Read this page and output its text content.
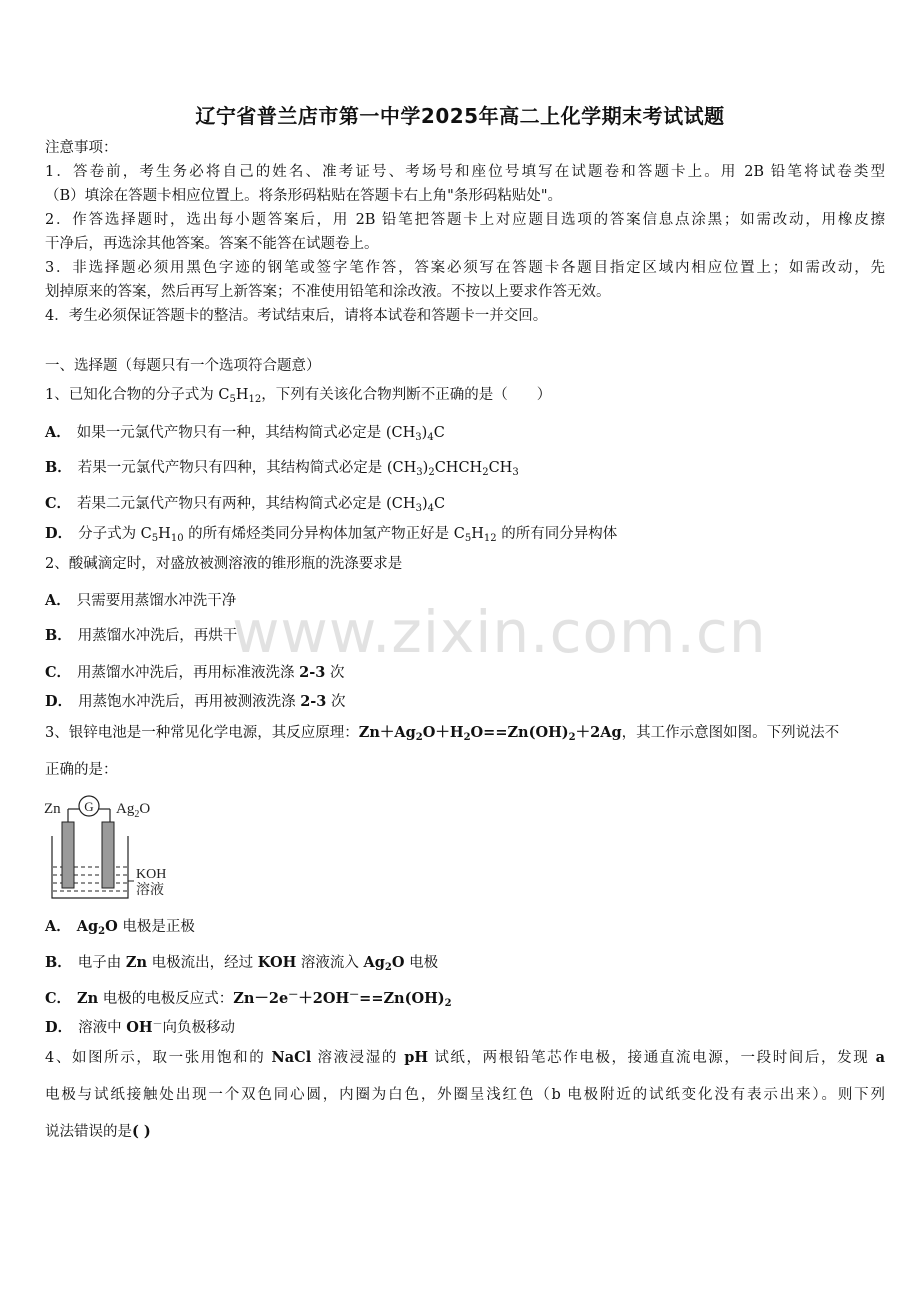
辽宁省普兰店市第一中学2025年高二上化学期末考试试题
注意事项：
1．答卷前，考生务必将自己的姓名、准考证号、考场号和座位号填写在试题卷和答题卡上。用 2B 铅笔将试卷类型
（B）填涂在答题卡相应位置上。将条形码粘贴在答题卡右上角"条形码粘贴处"。
2．作答选择题时，选出每小题答案后，用 2B 铅笔把答题卡上对应题目选项的答案信息点涂黑；如需改动，用橡皮擦
干净后，再选涂其他答案。答案不能答在试题卷上。
3．非选择题必须用黑色字迹的钢笔或签字笔作答，答案必须写在答题卡各题目指定区域内相应位置上；如需改动，先
划掉原来的答案，然后再写上新答案；不准使用铅笔和涂改液。不按以上要求作答无效。
4．考生必须保证答题卡的整洁。考试结束后，请将本试卷和答题卡一并交回。
一、选择题（每题只有一个选项符合题意）
1、已知化合物的分子式为 $C_5H_{12}$，下列有关该化合物判断不正确的是（　　）
A． 如果一元氯代产物只有一种，其结构简式必定是 $(CH_3)_4C$
B． 若果一元氯代产物只有四种，其结构简式必定是 $(CH_3)_2CHCH_2CH_3$
C． 若果二元氯代产物只有两种，其结构简式必定是 $(CH_3)_4C$
D． 分子式为 $C_5H_{10}$ 的所有烯烃类同分异构体加氢产物正好是 $C_5H_{12}$ 的所有同分异构体
2、酸碱滴定时，对盛放被测溶液的锥形瓶的洗涤要求是
A． 只需要用蒸馏水冲洗干净
B． 用蒸馏水冲洗后，再烘干
C． 用蒸馏水冲洗后，再用标准液洗涤 2-3 次
D． 用蒸饱水冲洗后，再用被测液洗涤 2-3 次
www.zixin.com.cn
3、银锌电池是一种常见化学电源，其反应原理：$Zn+Ag_2O+H_2O==Zn(OH)_2+2Ag$，其工作示意图如图。下列说法不
正确的是：
G
Zn	$Ag_2O$
KOH
溶液
A． $Ag_2O$ 电极是正极
B． 电子由 Zn 电极流出，经过 KOH 溶液流入 $Ag_2O$ 电极
C． Zn 电极的电极反应式：$Zn-2e^-+2OH^-==Zn(OH)_2$
D． 溶液中 OH－向负极移动
4、如图所示，取一张用饱和的 NaCl 溶液浸湿的 pH 试纸，两根铅笔芯作电极，接通直流电源，一段时间后，发现 a
电极与试纸接触处出现一个双色同心圆，内圈为白色，外圈呈浅红色（b 电极附近的试纸变化没有表示出来）。则下列
说法错误的是( )
